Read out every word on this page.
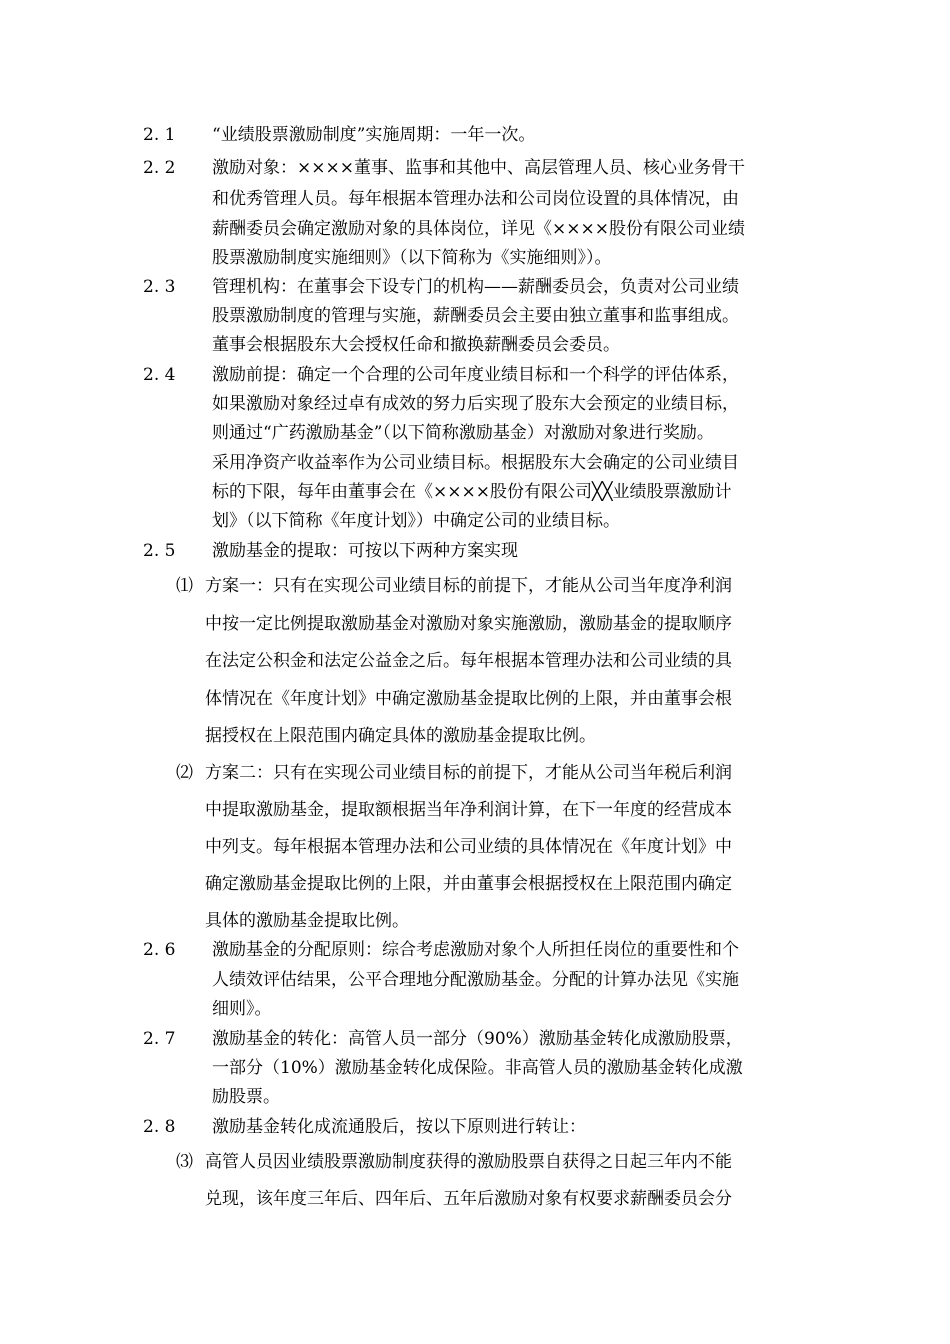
2. 1 “业绩股票激励制度”实施周期：一年一次。
2. 2 激励对象：××××董事、监事和其他中、高层管理人员、核心业务骨干
和优秀管理人员。每年根据本管理办法和公司岗位设置的具体情况，由
薪酬委员会确定激励对象的具体岗位，详见《××××股份有限公司业绩
股票激励制度实施细则》（以下简称为《实施细则》）。
2. 3 管理机构：在董事会下设专门的机构——薪酬委员会，负责对公司业绩
股票激励制度的管理与实施，薪酬委员会主要由独立董事和监事组成。
董事会根据股东大会授权任命和撤换薪酬委员会委员。
2. 4 激励前提：确定一个合理的公司年度业绩目标和一个科学的评估体系，
如果激励对象经过卓有成效的努力后实现了股东大会预定的业绩目标，
则通过“广药激励基金”（以下简称激励基金）对激励对象进行奖励。
采用净资产收益率作为公司业绩目标。根据股东大会确定的公司业绩目
标的下限，每年由董事会在《××××股份有限公司╳╳业绩股票激励计
划》（以下简称《年度计划》）中确定公司的业绩目标。
2. 5 激励基金的提取：可按以下两种方案实现
⑴ 方案一：只有在实现公司业绩目标的前提下，才能从公司当年度净利润
中按一定比例提取激励基金对激励对象实施激励，激励基金的提取顺序
在法定公积金和法定公益金之后。每年根据本管理办法和公司业绩的具
体情况在《年度计划》中确定激励基金提取比例的上限，并由董事会根
据授权在上限范围内确定具体的激励基金提取比例。
⑵ 方案二：只有在实现公司业绩目标的前提下，才能从公司当年税后利润
中提取激励基金，提取额根据当年净利润计算，在下一年度的经营成本
中列支。每年根据本管理办法和公司业绩的具体情况在《年度计划》中
确定激励基金提取比例的上限，并由董事会根据授权在上限范围内确定
具体的激励基金提取比例。
2. 6 激励基金的分配原则：综合考虑激励对象个人所担任岗位的重要性和个
人绩效评估结果，公平合理地分配激励基金。分配的计算办法见《实施
细则》。
2. 7 激励基金的转化：高管人员一部分（90%）激励基金转化成激励股票，
一部分（10%）激励基金转化成保险。非高管人员的激励基金转化成激
励股票。
2. 8 激励基金转化成流通股后，按以下原则进行转让：
⑶ 高管人员因业绩股票激励制度获得的激励股票自获得之日起三年内不能
兑现，该年度三年后、四年后、五年后激励对象有权要求薪酬委员会分
